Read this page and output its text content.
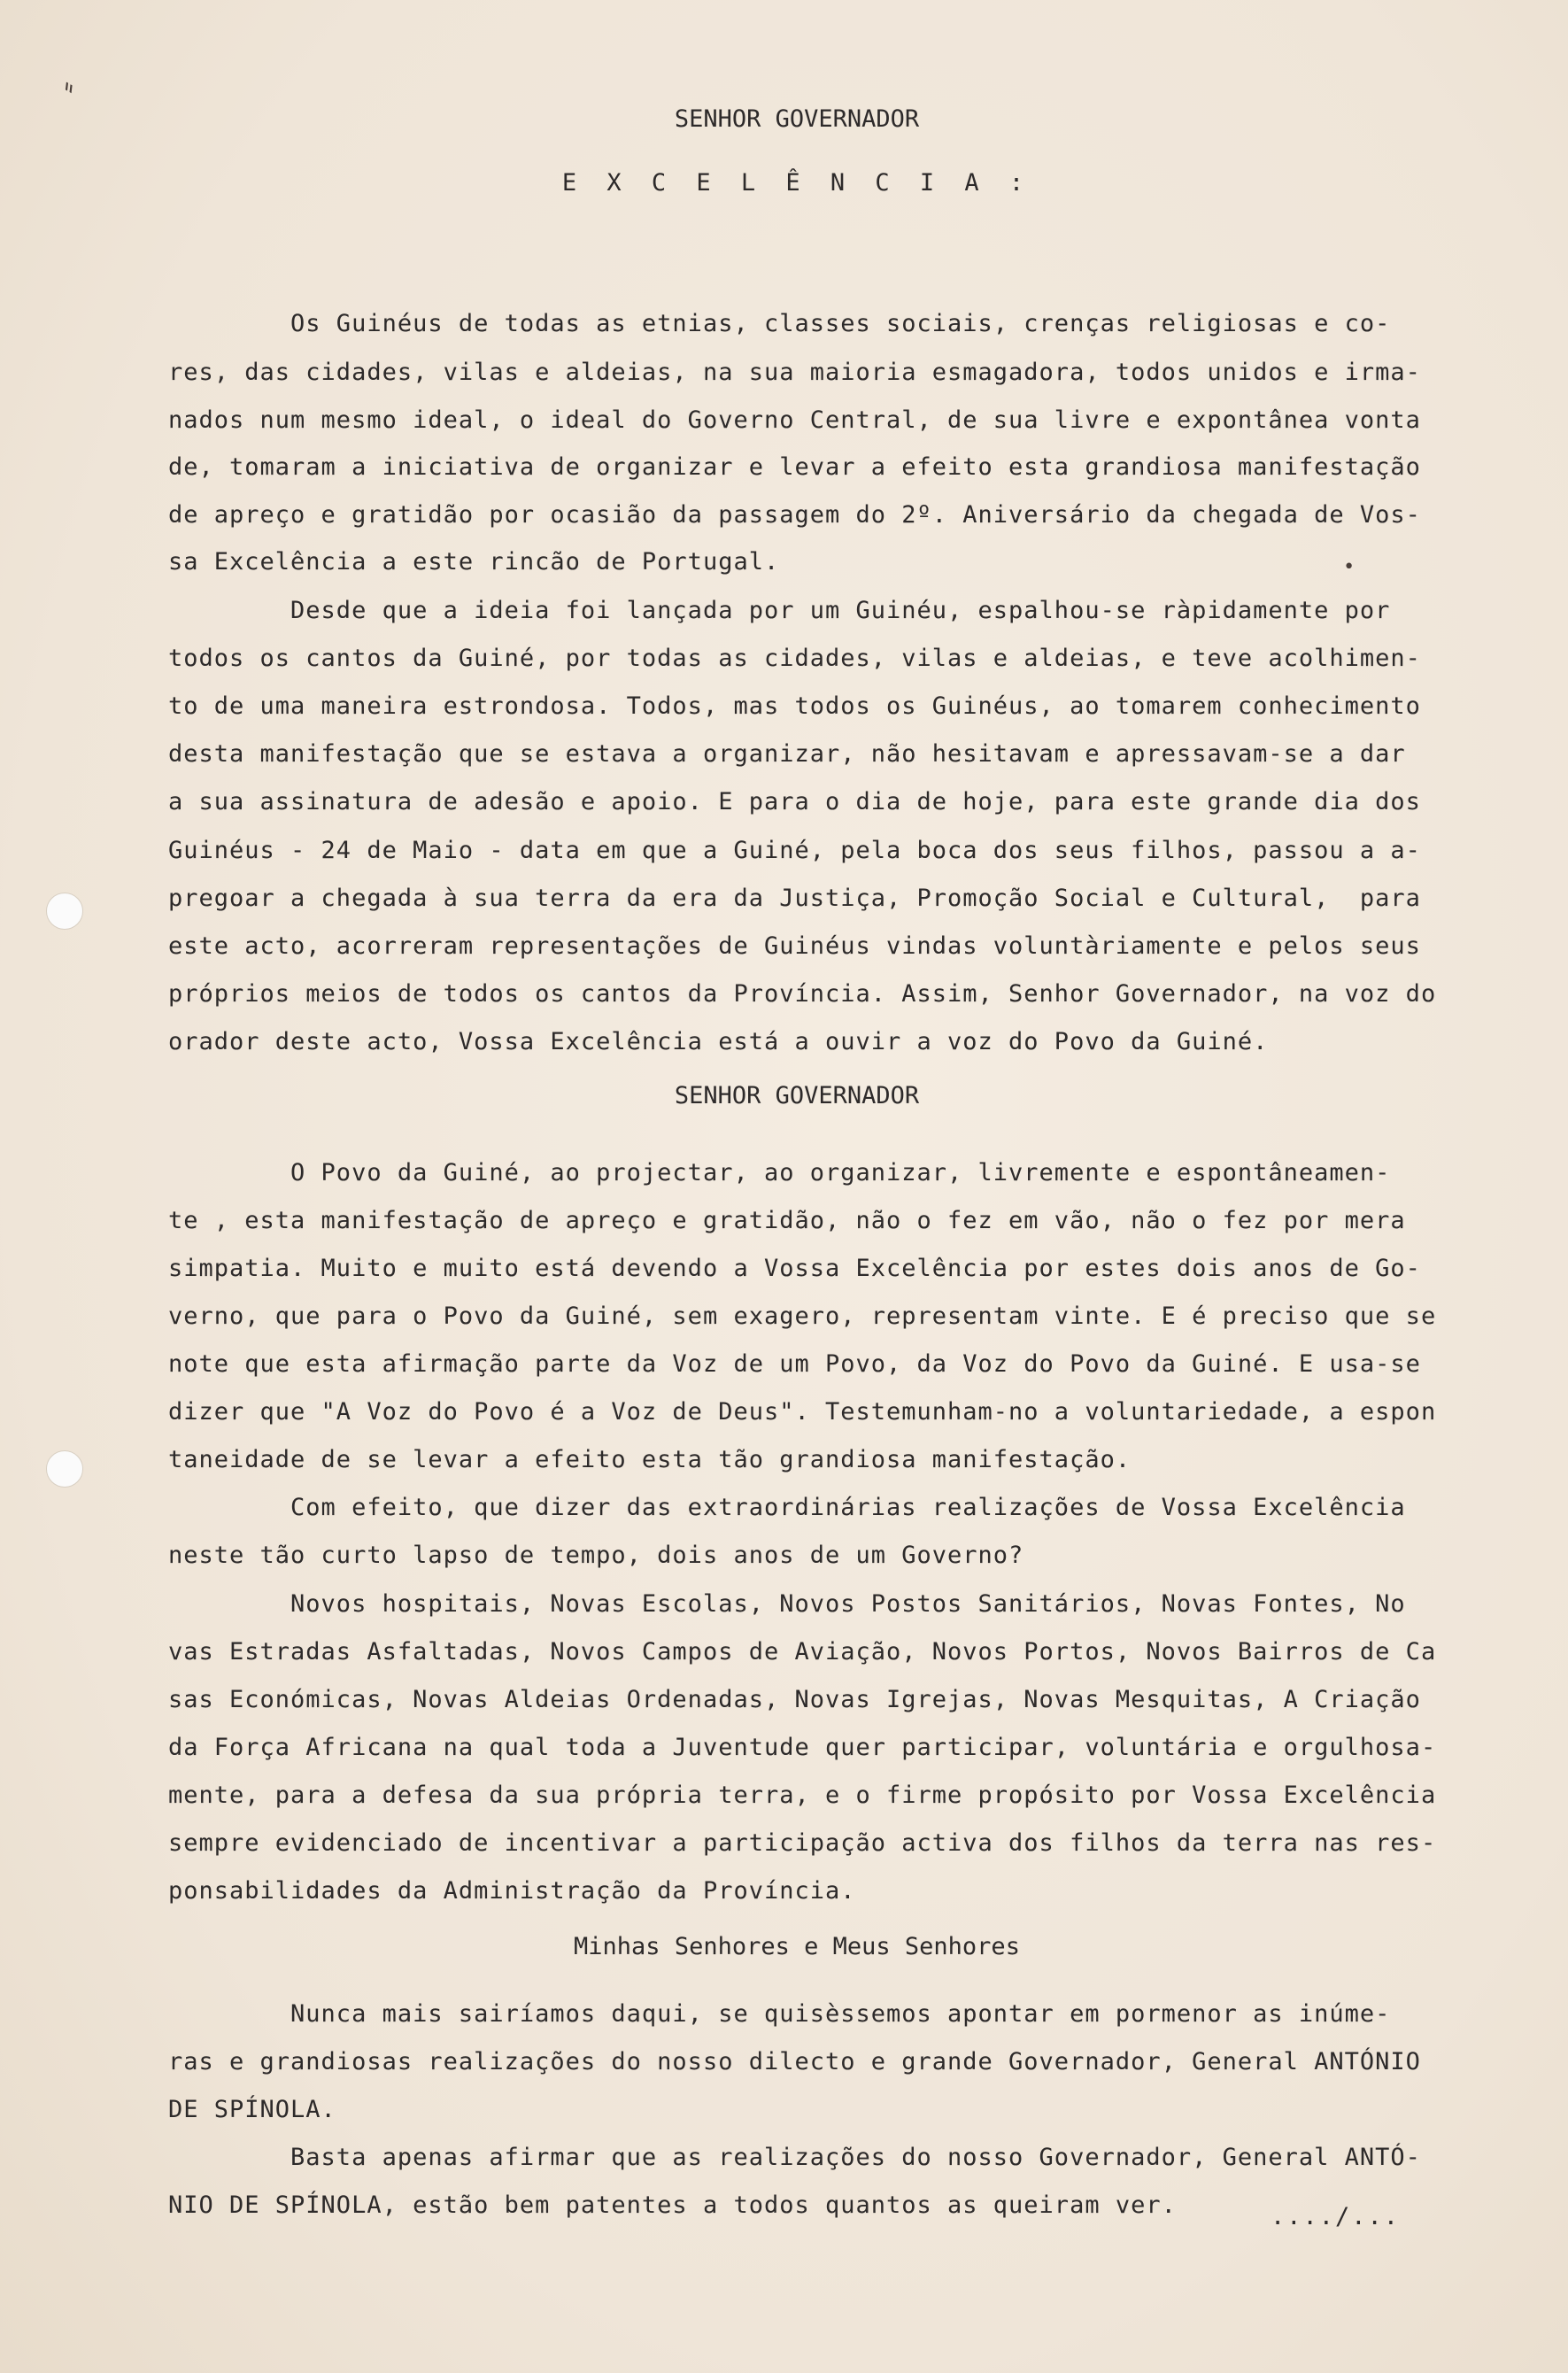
SENHOR GOVERNADOR
E X C E L Ê N C I A :
Os Guinéus de todas as etnias, classes sociais, crenças religiosas e co-
res, das cidades, vilas e aldeias, na sua maioria esmagadora, todos unidos e irma-
nados num mesmo ideal, o ideal do Governo Central, de sua livre e expontânea vonta
de, tomaram a iniciativa de organizar e levar a efeito esta grandiosa manifestação
de apreço e gratidão por ocasião da passagem do 2º. Aniversário da chegada de Vos-
sa Excelência a este rincão de Portugal.
Desde que a ideia foi lançada por um Guinéu, espalhou-se ràpidamente por
todos os cantos da Guiné, por todas as cidades, vilas e aldeias, e teve acolhimen-
to de uma maneira estrondosa. Todos, mas todos os Guinéus, ao tomarem conhecimento
desta manifestação que se estava a organizar, não hesitavam e apressavam-se a dar
a sua assinatura de adesão e apoio. E para o dia de hoje, para este grande dia dos
Guinéus - 24 de Maio - data em que a Guiné, pela boca dos seus filhos, passou a a-
pregoar a chegada à sua terra da era da Justiça, Promoção Social e Cultural,  para
este acto, acorreram representações de Guinéus vindas voluntàriamente e pelos seus
próprios meios de todos os cantos da Província. Assim, Senhor Governador, na voz do
orador deste acto, Vossa Excelência está a ouvir a voz do Povo da Guiné.
SENHOR GOVERNADOR
O Povo da Guiné, ao projectar, ao organizar, livremente e espontâneamen-
te , esta manifestação de apreço e gratidão, não o fez em vão, não o fez por mera
simpatia. Muito e muito está devendo a Vossa Excelência por estes dois anos de Go-
verno, que para o Povo da Guiné, sem exagero, representam vinte. E é preciso que se
note que esta afirmação parte da Voz de um Povo, da Voz do Povo da Guiné. E usa-se
dizer que "A Voz do Povo é a Voz de Deus". Testemunham-no a voluntariedade, a espon
taneidade de se levar a efeito esta tão grandiosa manifestação.
Com efeito, que dizer das extraordinárias realizações de Vossa Excelência
neste tão curto lapso de tempo, dois anos de um Governo?
Novos hospitais, Novas Escolas, Novos Postos Sanitários, Novas Fontes, No
vas Estradas Asfaltadas, Novos Campos de Aviação, Novos Portos, Novos Bairros de Ca
sas Económicas, Novas Aldeias Ordenadas, Novas Igrejas, Novas Mesquitas, A Criação
da Força Africana na qual toda a Juventude quer participar, voluntária e orgulhosa-
mente, para a defesa da sua própria terra, e o firme propósito por Vossa Excelência
sempre evidenciado de incentivar a participação activa dos filhos da terra nas res-
ponsabilidades da Administração da Província.
Minhas Senhores e Meus Senhores
Nunca mais sairíamos daqui, se quisèssemos apontar em pormenor as inúme-
ras e grandiosas realizações do nosso dilecto e grande Governador, General ANTÓNIO
DE SPÍNOLA.
Basta apenas afirmar que as realizações do nosso Governador, General ANTÓ-
NIO DE SPÍNOLA, estão bem patentes a todos quantos as queiram ver.	..../...
⸗
•
